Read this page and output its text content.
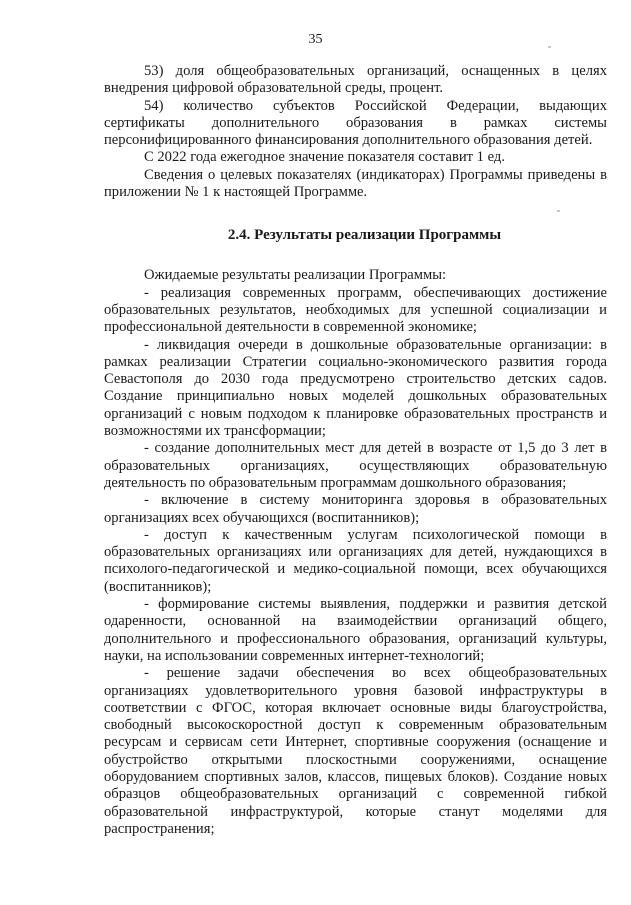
35

53) доля общеобразовательных организаций, оснащенных в целях внедрения цифровой образовательной среды, процент.

54) количество субъектов Российской Федерации, выдающих сертификаты дополнительного образования в рамках системы персонифицированного финансирования дополнительного образования детей.

С 2022 года ежегодное значение показателя составит 1 ед.

Сведения о целевых показателях (индикаторах) Программы приведены в приложении № 1 к настоящей Программе.

2.4. Результаты реализации Программы

Ожидаемые результаты реализации Программы:

- реализация современных программ, обеспечивающих достижение образовательных результатов, необходимых для успешной социализации и профессиональной деятельности в современной экономике;

- ликвидация очереди в дошкольные образовательные организации: в рамках реализации Стратегии социально-экономического развития города Севастополя до 2030 года предусмотрено строительство детских садов. Создание принципиально новых моделей дошкольных образовательных организаций с новым подходом к планировке образовательных пространств и возможностями их трансформации;

- создание дополнительных мест для детей в возрасте от 1,5 до 3 лет в образовательных организациях, осуществляющих образовательную деятельность по образовательным программам дошкольного образования;

- включение в систему мониторинга здоровья в образовательных организациях всех обучающихся (воспитанников);

- доступ к качественным услугам психологической помощи в образовательных организациях или организациях для детей, нуждающихся в психолого-педагогической и медико-социальной помощи, всех обучающихся (воспитанников);

- формирование системы выявления, поддержки и развития детской одаренности, основанной на взаимодействии организаций общего, дополнительного и профессионального образования, организаций культуры, науки, на использовании современных интернет-технологий;

- решение задачи обеспечения во всех общеобразовательных организациях удовлетворительного уровня базовой инфраструктуры в соответствии с ФГОС, которая включает основные виды благоустройства, свободный высокоскоростной доступ к современным образовательным ресурсам и сервисам сети Интернет, спортивные сооружения (оснащение и обустройство открытыми плоскостными сооружениями, оснащение оборудованием спортивных залов, классов, пищевых блоков). Создание новых образцов общеобразовательных организаций с современной гибкой образовательной инфраструктурой, которые станут моделями для распространения;
